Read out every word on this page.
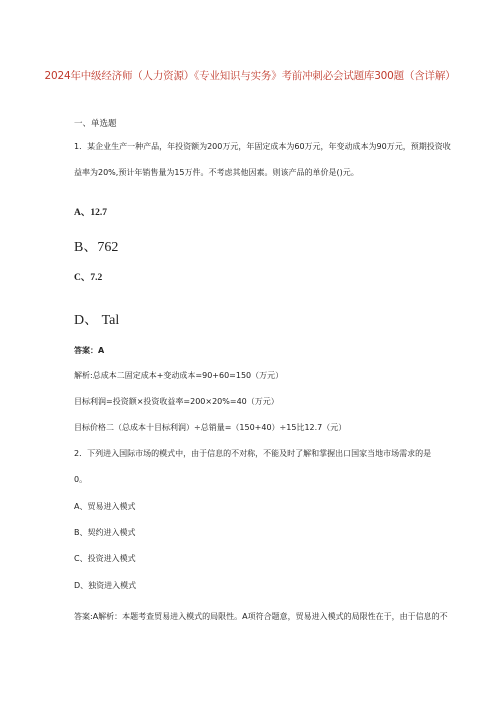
2024年中级经济师（人力资源）《专业知识与实务》考前冲刺必会试题库300题（含详解）
一、单选题
1．某企业生产一种产品，年投资额为200万元，年固定成本为60万元，年变动成本为90万元，预期投资收
益率为20%,预计年销售量为15万件。不考虑其他因素。则该产品的单价是()元。
A、12.7
B、762
C、7.2
D、 Tal
答案：A
解析:总成本二固定成本+变动成本=90+60=150（万元）
目标利润=投资额×投资收益率=200×20%=40（万元）
目标价格二（总成本十目标利润）÷总销量=（150+40）÷15比12.7（元）
2．下列进入国际市场的模式中，由于信息的不对称，不能及时了解和掌握出口国家当地市场需求的是
0。
A、贸易进入模式
B、契约进入模式
C、投资进入模式
D、独资进入模式
答案:A解析：本题考查贸易进入模式的局限性。A项符合题意，贸易进入模式的局限性在于，由于信息的不
